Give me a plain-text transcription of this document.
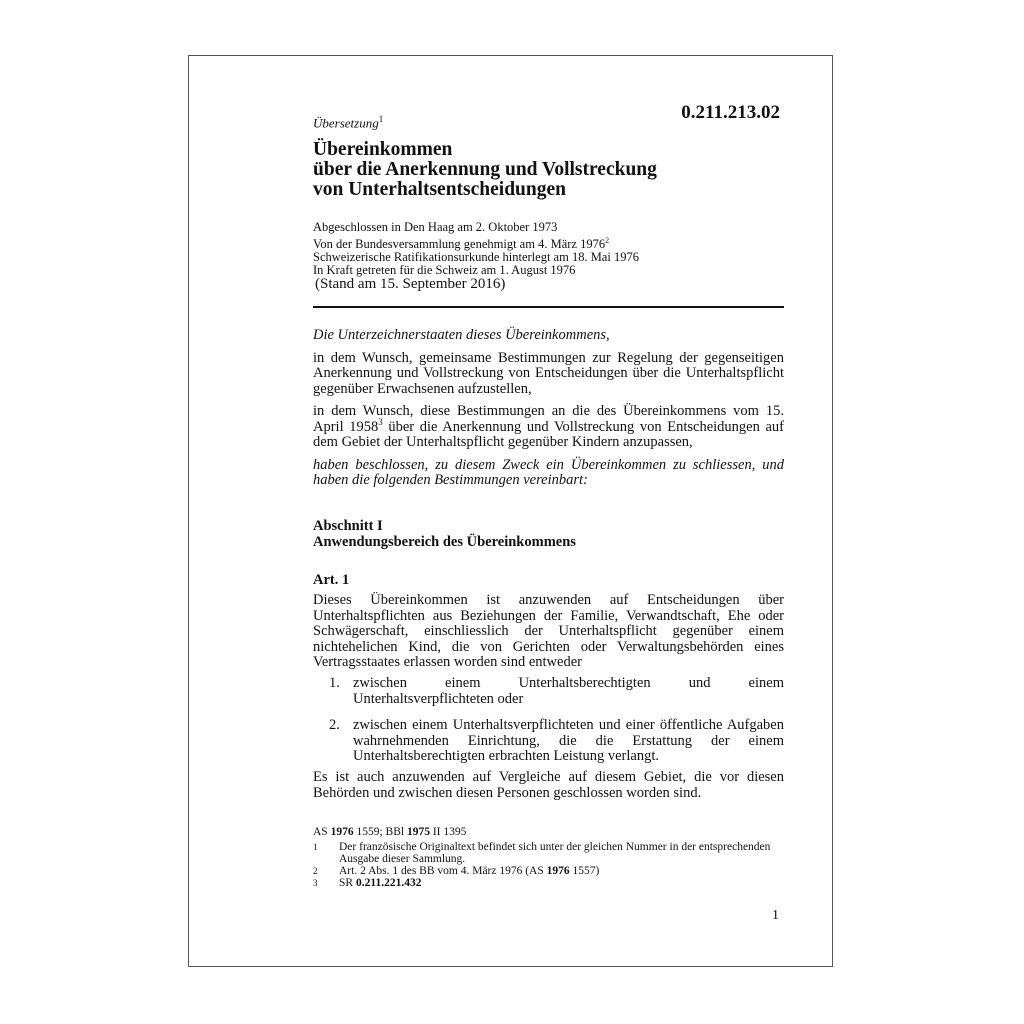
Übersetzung$^1$	0.211.213.02
Übereinkommen
über die Anerkennung und Vollstreckung
von Unterhaltsentscheidungen
Abgeschlossen in Den Haag am 2. Oktober 1973
Von der Bundesversammlung genehmigt am 4. März 1976$^2$
Schweizerische Ratifikationsurkunde hinterlegt am 18. Mai 1976
In Kraft getreten für die Schweiz am 1. August 1976
(Stand am 15. September 2016)

Die Unterzeichnerstaaten dieses Übereinkommens,

in dem Wunsch, gemeinsame Bestimmungen zur Regelung der gegenseitigen Anerkennung und Vollstreckung von Entscheidungen über die Unterhaltspflicht gegenüber Erwachsenen aufzustellen,

in dem Wunsch, diese Bestimmungen an die des Übereinkommens vom 15. April 1958$^3$ über die Anerkennung und Vollstreckung von Entscheidungen auf dem Gebiet der Unterhaltspflicht gegenüber Kindern anzupassen,

haben beschlossen, zu diesem Zweck ein Übereinkommen zu schliessen, und haben die folgenden Bestimmungen vereinbart:

Abschnitt I
Anwendungsbereich des Übereinkommens
Art. 1

Dieses Übereinkommen ist anzuwenden auf Entscheidungen über Unterhaltspflichten aus Beziehungen der Familie, Verwandtschaft, Ehe oder Schwägerschaft, einschliesslich der Unterhaltspflicht gegenüber einem nichtehelichen Kind, die von Gerichten oder Verwaltungsbehörden eines Vertragsstaates erlassen worden sind entweder

1. zwischen einem Unterhaltsberechtigten und einem Unterhaltsverpflichteten oder
2. zwischen einem Unterhaltsverpflichteten und einer öffentliche Aufgaben wahrnehmenden Einrichtung, die die Erstattung der einem Unterhaltsberechtigten erbrachten Leistung verlangt.

Es ist auch anzuwenden auf Vergleiche auf diesem Gebiet, die vor diesen Behörden und zwischen diesen Personen geschlossen worden sind.

AS 1976 1559; BBl 1975 II 1395
1	Der französische Originaltext befindet sich unter der gleichen Nummer in der entsprechenden Ausgabe dieser Sammlung.
2	Art. 2 Abs. 1 des BB vom 4. März 1976 (AS 1976 1557)
3	SR 0.211.221.432
1
